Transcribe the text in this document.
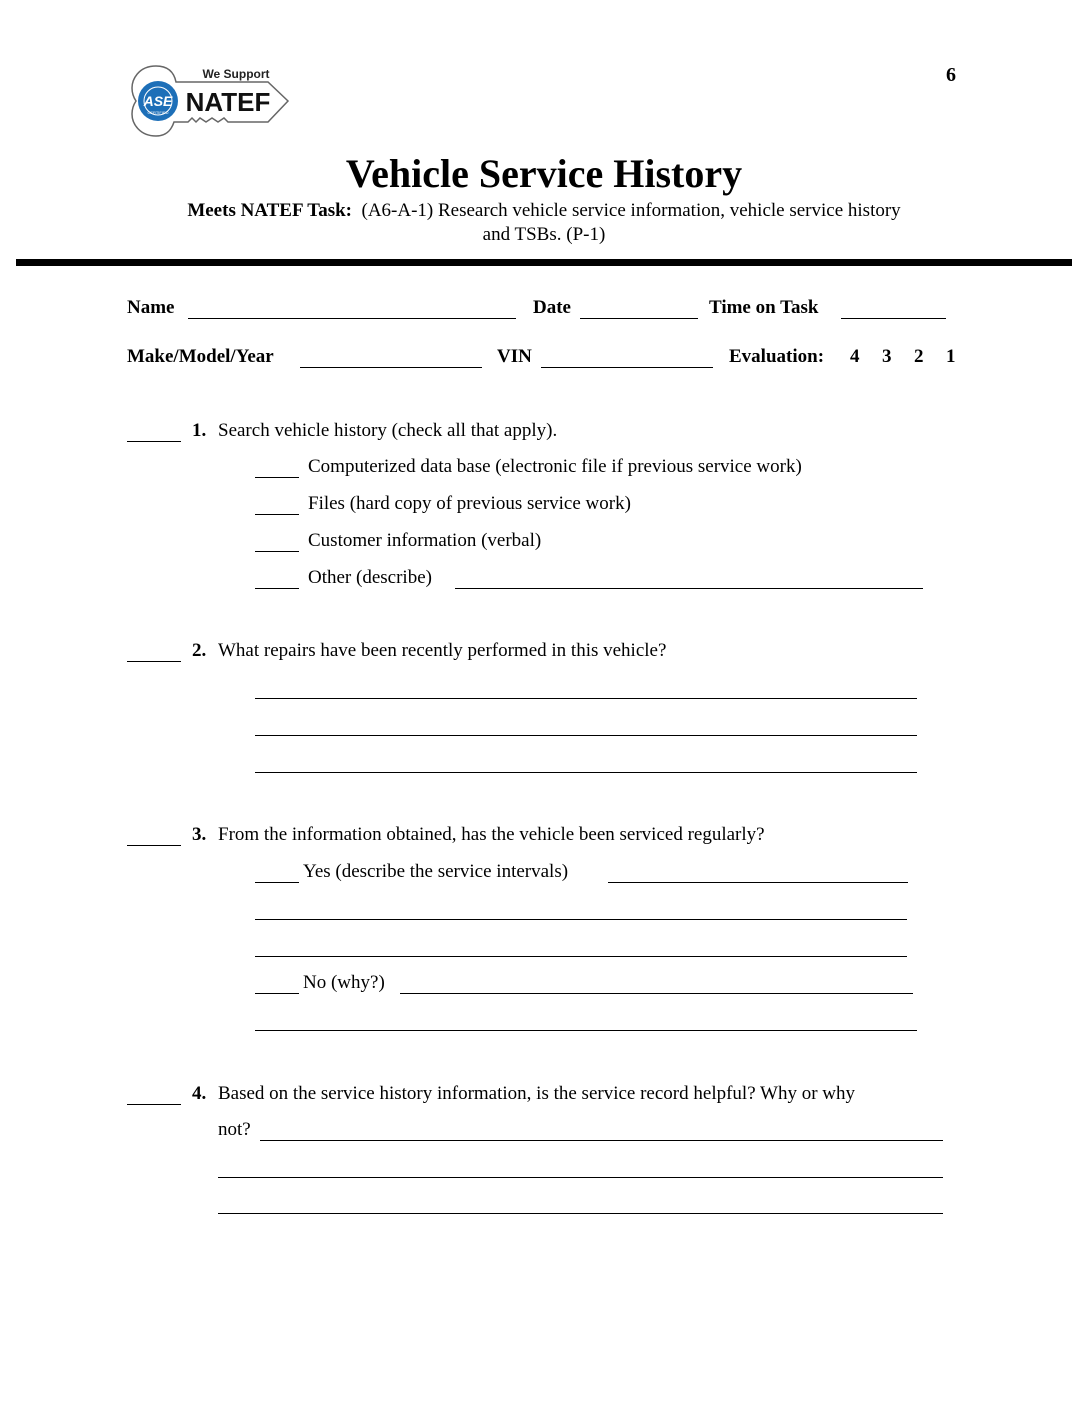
ASE
CERTIFIED
We Support
NATEF
6
Vehicle Service History
Meets NATEF Task: (A6-A-1) Research vehicle service information, vehicle service history
and TSBs. (P-1)
Name	Date	Time on Task
Make/Model/Year	VIN	Evaluation: 4 3 2 1
1. Search vehicle history (check all that apply).
Computerized data base (electronic file if previous service work)
Files (hard copy of previous service work)
Customer information (verbal)
Other (describe)
2. What repairs have been recently performed in this vehicle?
3. From the information obtained, has the vehicle been serviced regularly?
Yes (describe the service intervals)
No (why?)
4. Based on the service history information, is the service record helpful? Why or why
not?
